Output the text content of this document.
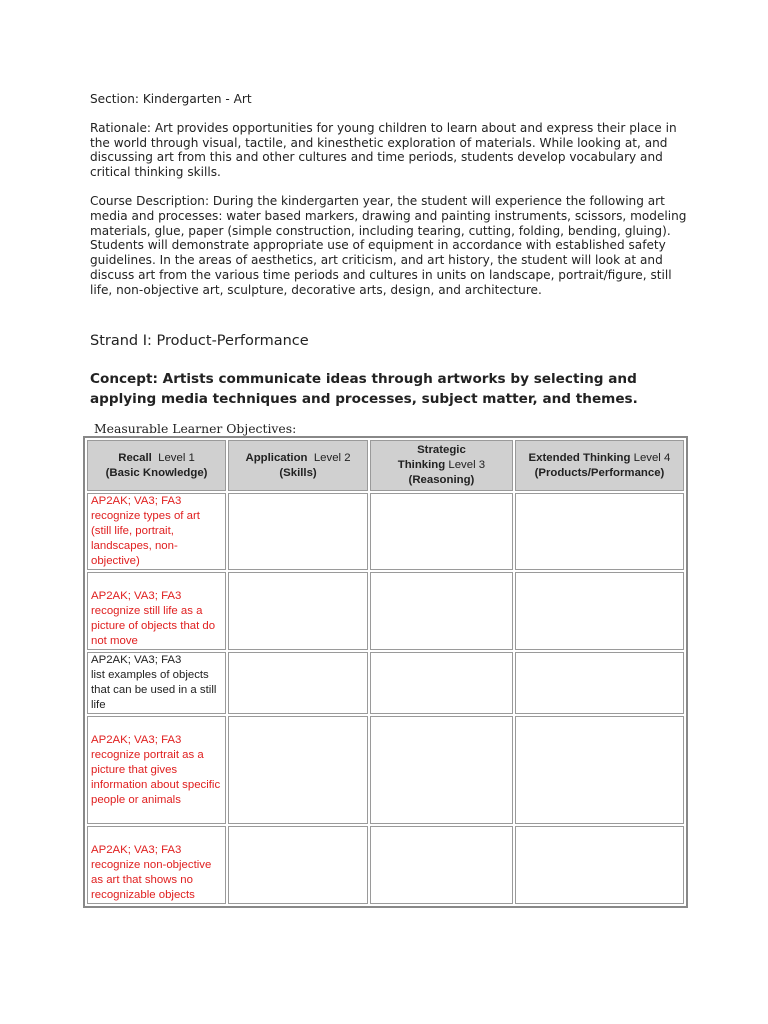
Section: Kindergarten - Art

Rationale: Art provides opportunities for young children to learn about and express their place in the world through visual, tactile, and kinesthetic exploration of materials. While looking at, and discussing art from this and other cultures and time periods, students develop vocabulary and critical thinking skills.

Course Description: During the kindergarten year, the student will experience the following art media and processes: water based markers, drawing and painting instruments, scissors, modeling materials, glue, paper (simple construction, including tearing, cutting, folding, bending, gluing). Students will demonstrate appropriate use of equipment in accordance with established safety guidelines. In the areas of aesthetics, art criticism, and art history, the student will look at and discuss art from the various time periods and cultures in units on landscape, portrait/figure, still life, non-objective art, sculpture, decorative arts, design, and architecture.

Strand I: Product-Performance

Concept: Artists communicate ideas through artworks by selecting and applying media techniques and processes, subject matter, and themes.

Measurable Learner Objectives:

Recall Level 1
(Basic Knowledge)	Application Level 2
(Skills)	Strategic
Thinking Level 3
(Reasoning)	Extended Thinking Level 4
(Products/Performance)

AP2AK; VA3; FA3
recognize types of art (still life, portrait, landscapes, non-objective)			

AP2AK; VA3; FA3
recognize still life as a picture of objects that do not move			

AP2AK; VA3; FA3
list examples of objects that can be used in a still life			

AP2AK; VA3; FA3
recognize portrait as a picture that gives information about specific people or animals			

AP2AK; VA3; FA3
recognize non-objective as art that shows no recognizable objects			
